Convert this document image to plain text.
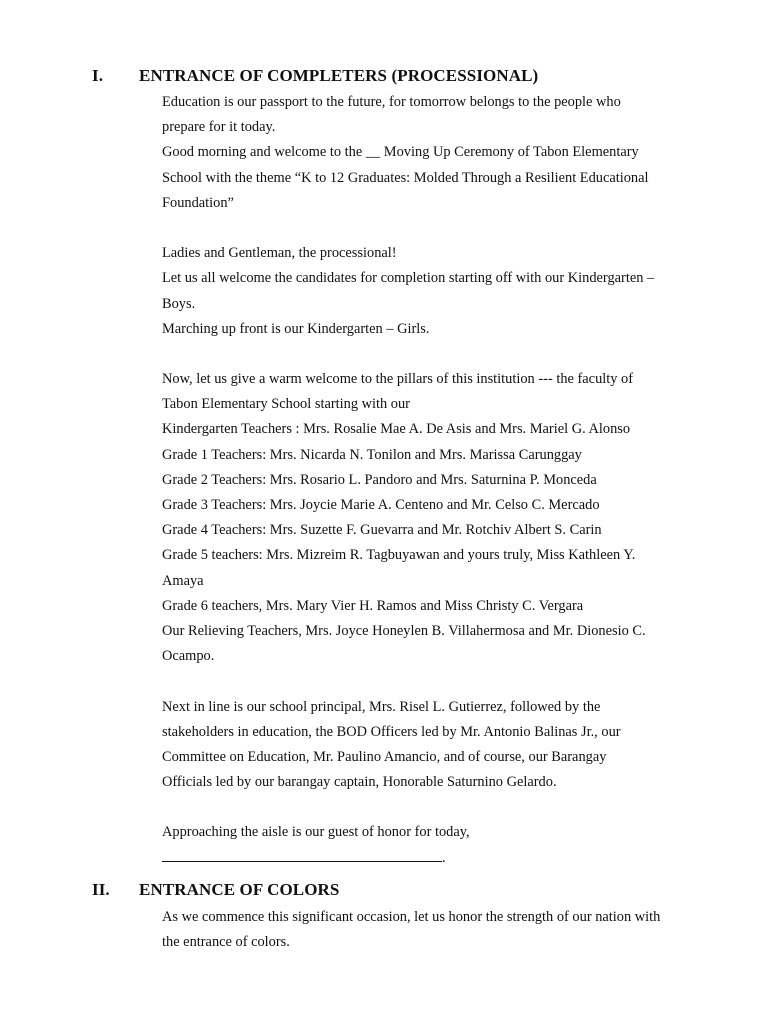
I. ENTRANCE OF COMPLETERS (PROCESSIONAL)
Education is our passport to the future, for tomorrow belongs to the people who
prepare for it today.
Good morning and welcome to the __ Moving Up Ceremony of Tabon Elementary
School with the theme “K to 12 Graduates: Molded Through a Resilient Educational
Foundation”
Ladies and Gentleman, the processional!
Let us all welcome the candidates for completion starting off with our Kindergarten –
Boys.
Marching up front is our Kindergarten – Girls.
Now, let us give a warm welcome to the pillars of this institution --- the faculty of
Tabon Elementary School starting with our
Kindergarten Teachers : Mrs. Rosalie Mae A. De Asis and Mrs. Mariel G. Alonso
Grade 1 Teachers: Mrs. Nicarda N. Tonilon and Mrs. Marissa Carunggay
Grade 2 Teachers: Mrs. Rosario L. Pandoro and Mrs. Saturnina P. Monceda
Grade 3 Teachers: Mrs. Joycie Marie A. Centeno and Mr. Celso C. Mercado
Grade 4 Teachers: Mrs. Suzette F. Guevarra and Mr. Rotchiv Albert S. Carin
Grade 5 teachers: Mrs. Mizreim R. Tagbuyawan and yours truly, Miss Kathleen Y.
Amaya
Grade 6 teachers, Mrs. Mary Vier H. Ramos and Miss Christy C. Vergara
Our Relieving Teachers, Mrs. Joyce Honeylen B. Villahermosa and Mr. Dionesio C.
Ocampo.
Next in line is our school principal, Mrs. Risel L. Gutierrez, followed by the
stakeholders in education, the BOD Officers led by Mr. Antonio Balinas Jr., our
Committee on Education, Mr. Paulino Amancio, and of course, our Barangay
Officials led by our barangay captain, Honorable Saturnino Gelardo.
Approaching the aisle is our guest of honor for today,
.
II. ENTRANCE OF COLORS
As we commence this significant occasion, let us honor the strength of our nation with
the entrance of colors.
